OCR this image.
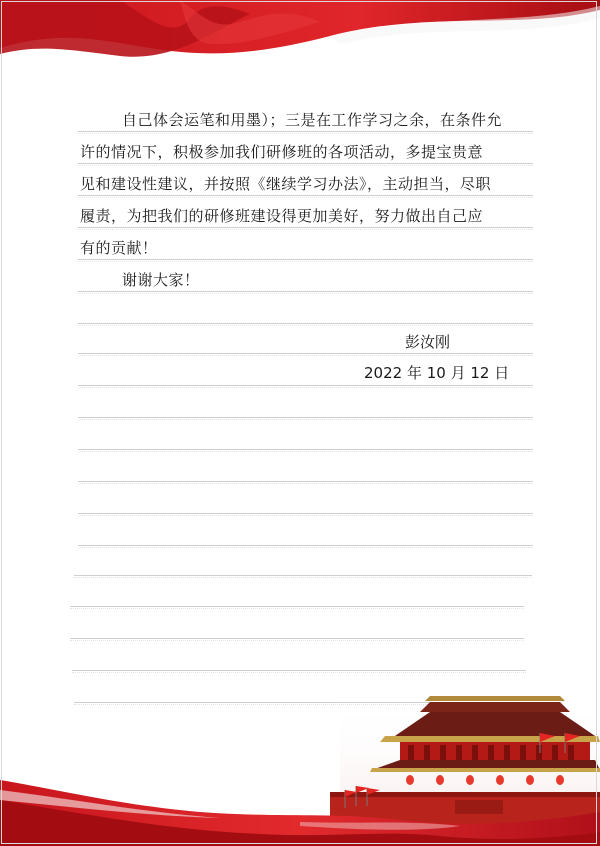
自己体会运笔和用墨）；三是在工作学习之余，在条件允
许的情况下，积极参加我们研修班的各项活动，多提宝贵意
见和建设性建议，并按照《继续学习办法》，主动担当，尽职
履责，为把我们的研修班建设得更加美好，努力做出自己应
有的贡献！
谢谢大家！
彭汝刚
2022 年 10 月 12 日
